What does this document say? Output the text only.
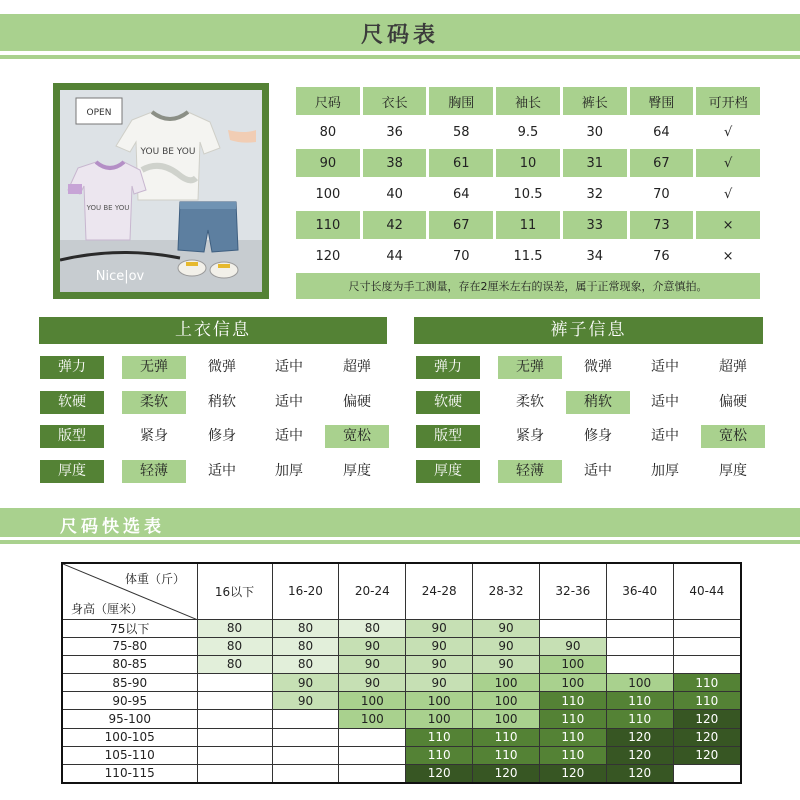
尺码表
OPEN
YOU BE YOU
YOU BE YOU
Nice|ov
尺码	衣长	胸围	袖长	裤长	臀围	可开档
80	36	58	9.5	30	64	√
90	38	61	10	31	67	√
100	40	64	10.5	32	70	√
110	42	67	11	33	73	×
120	44	70	11.5	34	76	×
尺寸长度为手工测量，存在2厘米左右的误差，属于正常现象，介意慎拍。						
上衣信息
弹力	无弹	微弹	适中	超弹
软硬	柔软	稍软	适中	偏硬
版型	紧身	修身	适中	宽松
厚度	轻薄	适中	加厚	厚度
裤子信息
弹力	无弹	微弹	适中	超弹
软硬	柔软	稍软	适中	偏硬
版型	紧身	修身	适中	宽松
厚度	轻薄	适中	加厚	厚度
尺码快选表
体重（斤）
身高（厘米）	16以下	16-20	20-24	24-28	28-32	32-36	36-40	40-44
75以下	80	80	80	90	90			
75-80	80	80	90	90	90	90		
80-85	80	80	90	90	90	100		
85-90		90	90	90	100	100	100	110
90-95		90	100	100	100	110	110	110
95-100			100	100	100	110	110	120
100-105				110	110	110	120	120
105-110				110	110	110	120	120
110-115				120	120	120	120	
